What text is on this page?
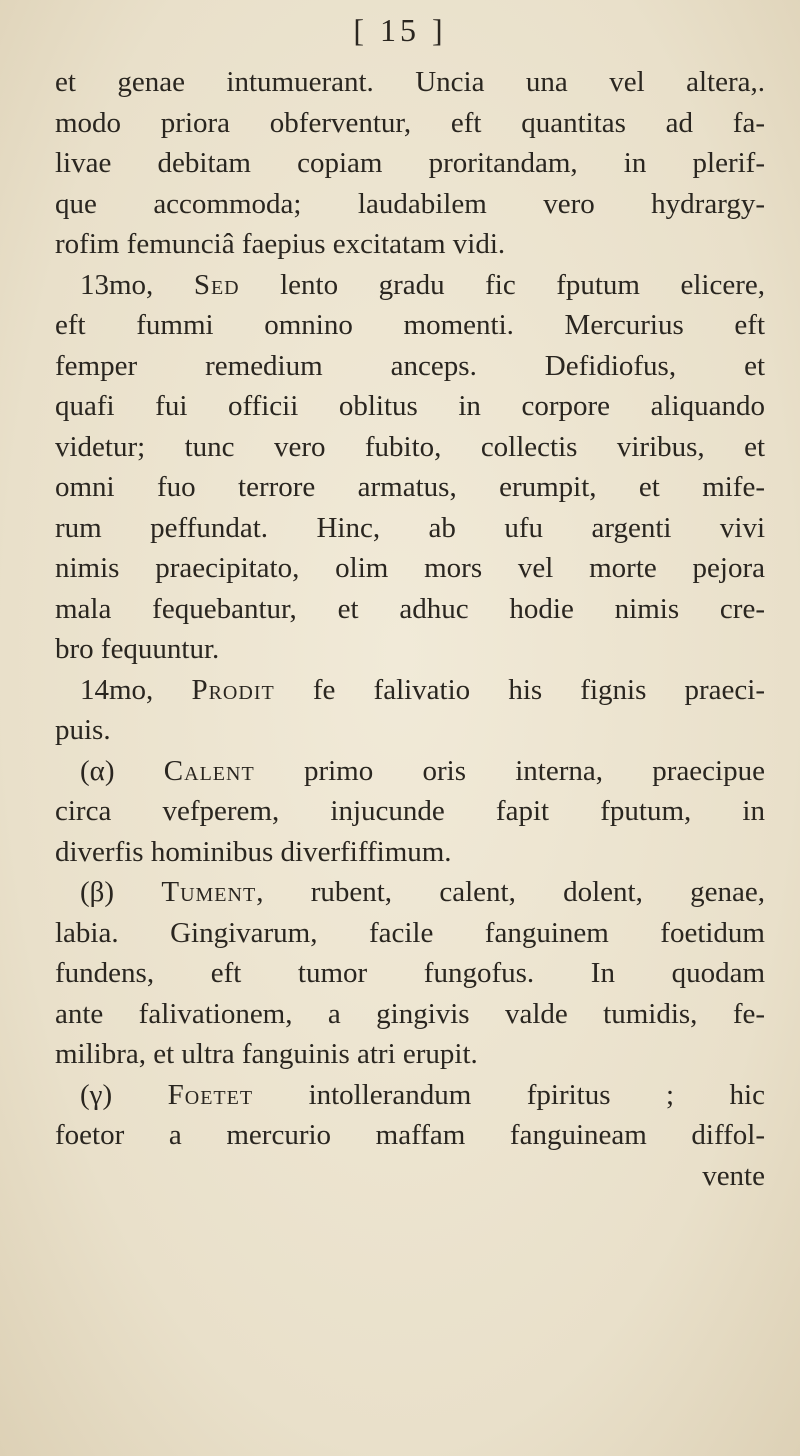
[ 15 ]
et genae intumuerant. Uncia una vel altera,.
modo priora obferventur, eft quantitas ad fa-
livae debitam copiam proritandam, in plerif-
que accommoda; laudabilem vero hydrargy-
rofim femunciâ faepius excitatam vidi.
13mo, Sed lento gradu fic fputum elicere,
eft fummi omnino momenti. Mercurius eft
femper remedium anceps. Defidiofus, et
quafi fui officii oblitus in corpore aliquando
videtur; tunc vero fubito, collectis viribus, et
omni fuo terrore armatus, erumpit, et mife-
rum peffundat. Hinc, ab ufu argenti vivi
nimis praecipitato, olim mors vel morte pejora
mala fequebantur, et adhuc hodie nimis cre-
bro fequuntur.
14mo, Prodit fe falivatio his fignis praeci-
puis.
(α) Calent primo oris interna, praecipue
circa vefperem, injucunde fapit fputum, in
diverfis hominibus diverfiffimum.
(β) Tument, rubent, calent, dolent, genae,
labia. Gingivarum, facile fanguinem foetidum
fundens, eft tumor fungofus. In quodam
ante falivationem, a gingivis valde tumidis, fe-
milibra, et ultra fanguinis atri erupit.
(γ) Foetet intollerandum fpiritus ; hic
foetor a mercurio maffam fanguineam diffol-
vente
